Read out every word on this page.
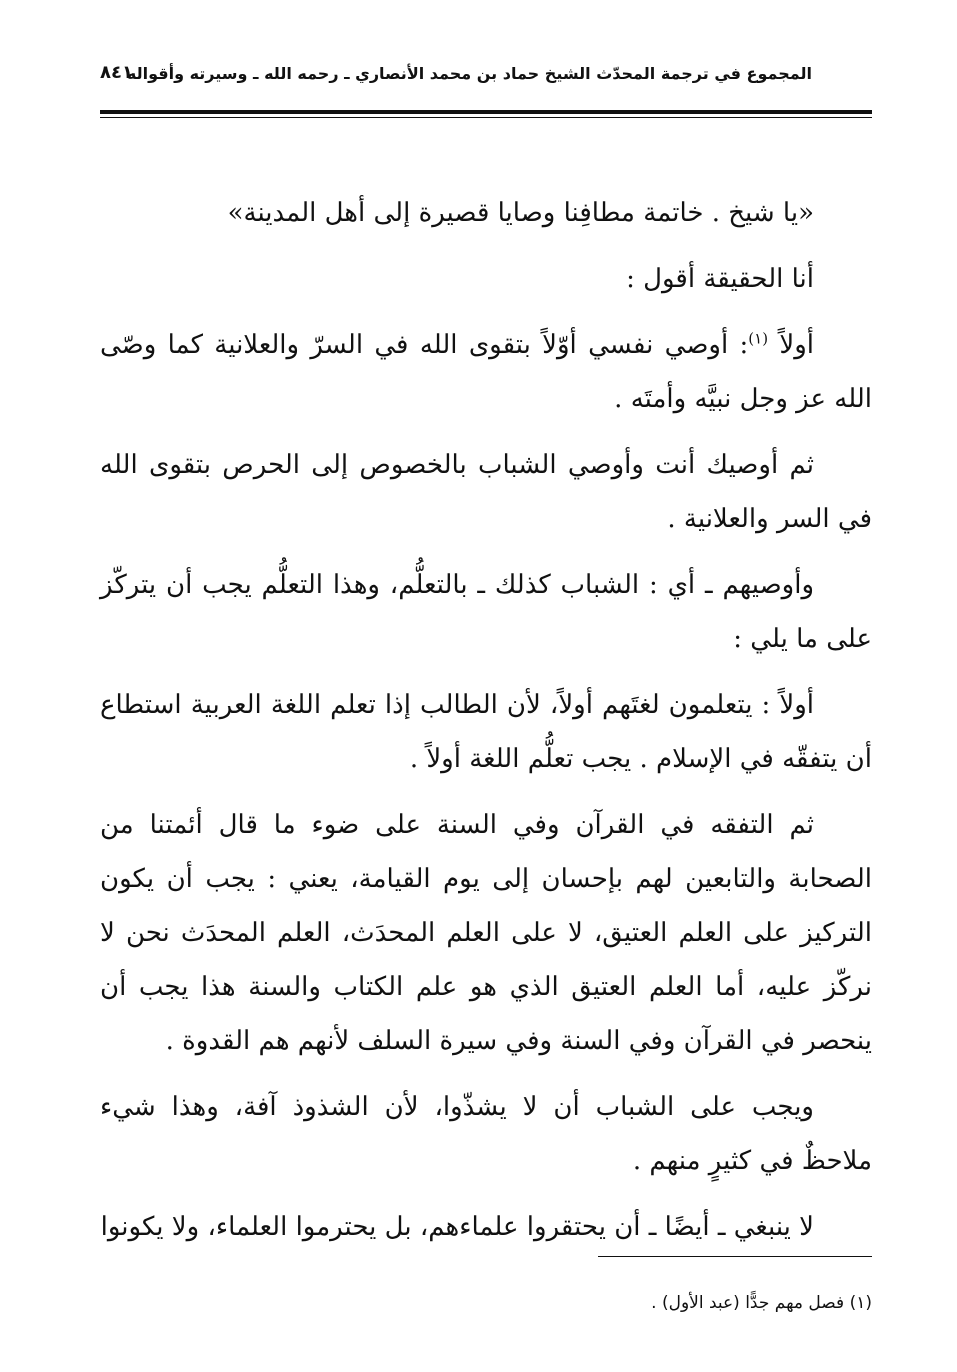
المجموع في ترجمة المحدّث الشيخ حماد بن محمد الأنصاري ـ رحمه الله ـ وسيرته وأقواله
٨٤١

«يا شيخ . خاتمة مطافِنا وصايا قصيرة إلى أهل المدينة»

أنا الحقيقة أقول :

أولاً $^{(١)}$: أوصي نفسي أوّلاً بتقوى الله في السرّ والعلانية كما وصّى الله عز وجل نبيَّه وأمتَه .

ثم أوصيك أنت وأوصي الشباب بالخصوص إلى الحرص بتقوى الله في السر والعلانية .

وأوصيهم ـ أي : الشباب كذلك ـ بالتعلُّم، وهذا التعلُّم يجب أن يتركّز على ما يلي :

أولاً : يتعلمون لغتَهم أولاً، لأن الطالب إذا تعلم اللغة العربية استطاع أن يتفقّه في الإسلام . يجب تعلُّم اللغة أولاً .

ثم التفقه في القرآن وفي السنة على ضوء ما قال أئمتنا من الصحابة والتابعين لهم بإحسان إلى يوم القيامة، يعني : يجب أن يكون التركيز على العلم العتيق، لا على العلم المحدَث، العلم المحدَث نحن لا نركّز عليه، أما العلم العتيق الذي هو علم الكتاب والسنة هذا يجب أن ينحصر في القرآن وفي السنة وفي سيرة السلف لأنهم هم القدوة .

ويجب على الشباب أن لا يشذّوا، لأن الشذوذ آفة، وهذا شيء ملاحظٌ في كثيرٍ منهم .

لا ينبغي ـ أيضًا ـ أن يحتقروا علماءهم، بل يحترموا العلماء، ولا يكونوا

(١) فصل مهم جدًّا (عبد الأول) .
